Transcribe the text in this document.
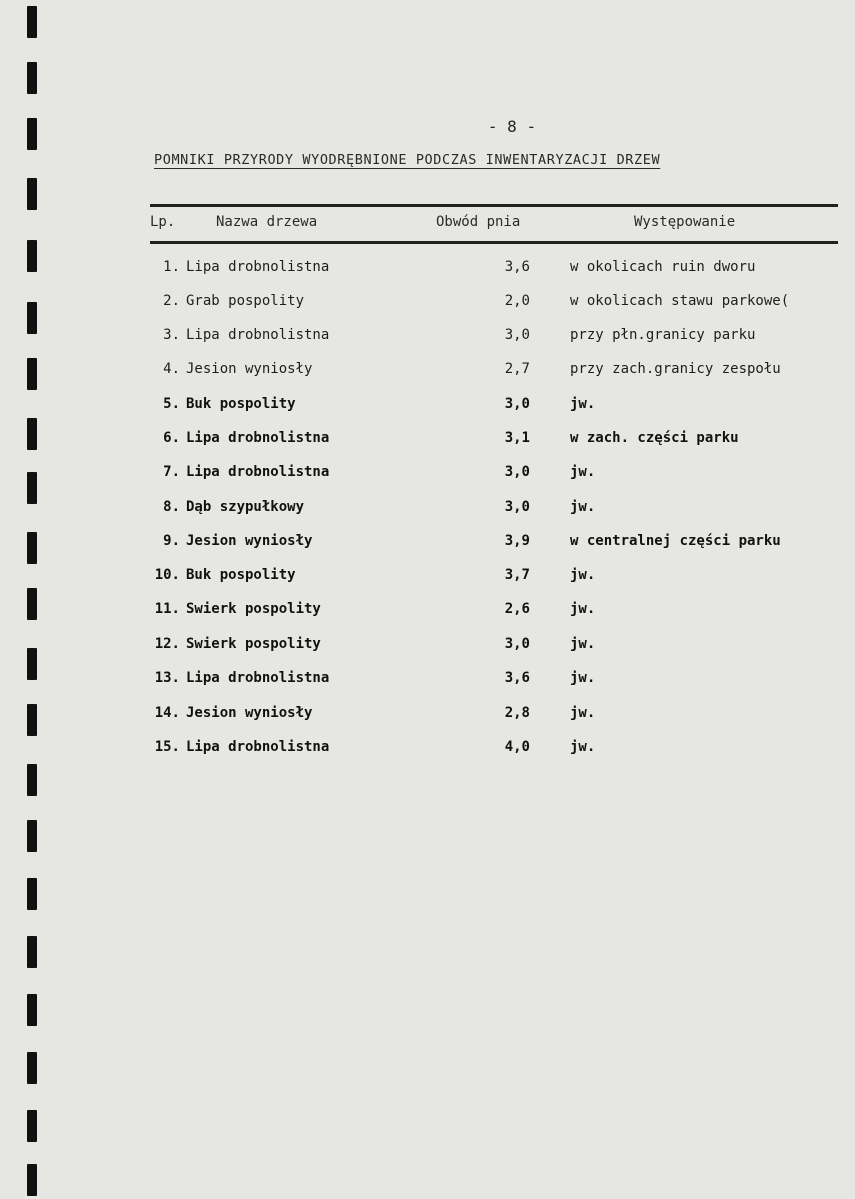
- 8 -
POMNIKI PRZYRODY WYODRĘBNIONE PODCZAS INWENTARYZACJI DRZEW
Lp.	Nazwa drzewa	Obwód pnia	Występowanie
1. Lipa drobnolistna	3,6	w okolicach ruin dworu
2. Grab pospolity	2,0	w okolicach stawu parkowe(
3. Lipa drobnolistna	3,0	przy płn.granicy parku
4. Jesion wyniosły	2,7	przy zach.granicy zespołu
5. Buk pospolity	3,0	jw.
6. Lipa drobnolistna	3,1	w zach. części parku
7. Lipa drobnolistna	3,0	jw.
8. Dąb szypułkowy	3,0	jw.
9. Jesion wyniosły	3,9	w centralnej części parku
10. Buk pospolity	3,7	jw.
11. Swierk pospolity	2,6	jw.
12. Swierk pospolity	3,0	jw.
13. Lipa drobnolistna	3,6	jw.
14. Jesion wyniosły	2,8	jw.
15. Lipa drobnolistna	4,0	jw.
